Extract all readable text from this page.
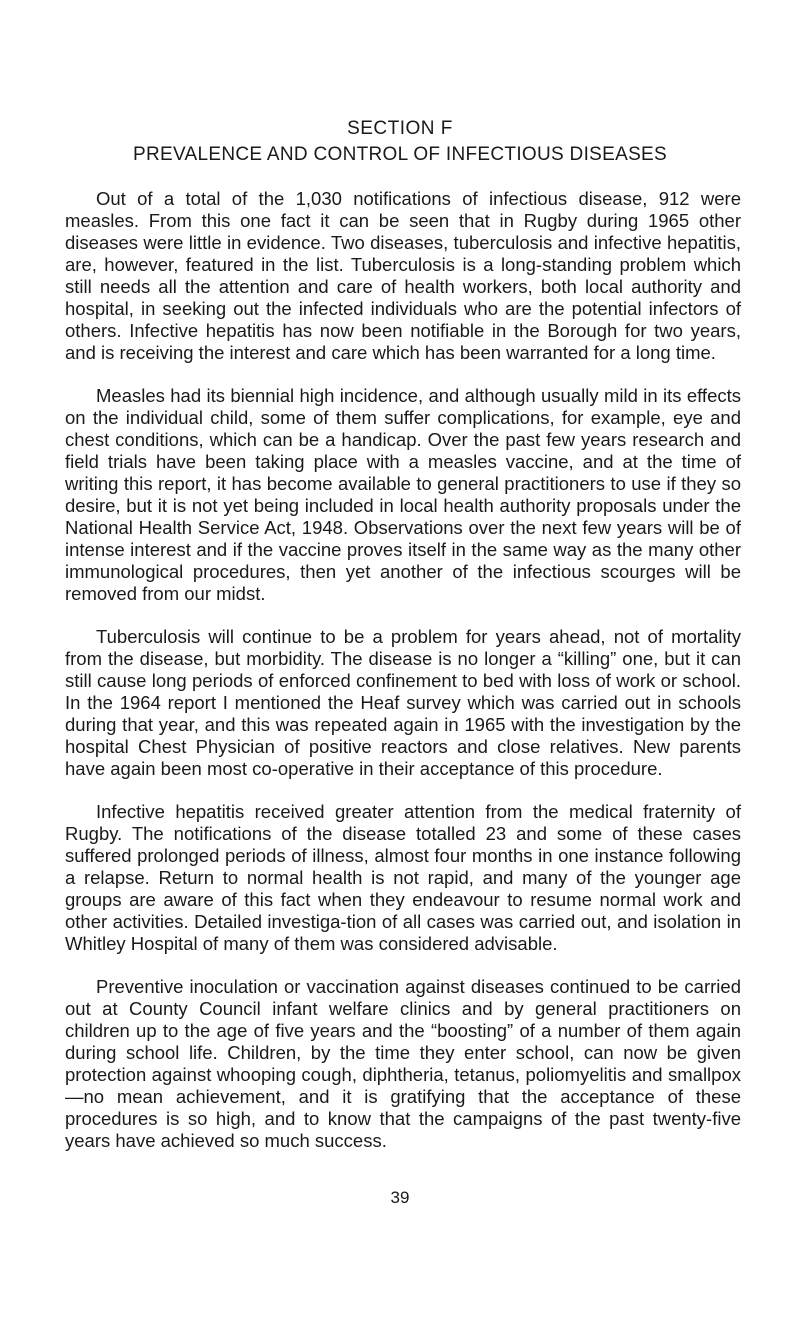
SECTION F
PREVALENCE AND CONTROL OF INFECTIOUS DISEASES

Out of a total of the 1,030 notifications of infectious disease, 912 were measles. From this one fact it can be seen that in Rugby during 1965 other diseases were little in evidence. Two diseases, tuberculosis and infective hepatitis, are, however, featured in the list. Tuberculosis is a long-standing problem which still needs all the attention and care of health workers, both local authority and hospital, in seeking out the infected individuals who are the potential infectors of others. Infective hepatitis has now been notifiable in the Borough for two years, and is receiving the interest and care which has been warranted for a long time.

Measles had its biennial high incidence, and although usually mild in its effects on the individual child, some of them suffer complications, for example, eye and chest conditions, which can be a handicap. Over the past few years research and field trials have been taking place with a measles vaccine, and at the time of writing this report, it has become available to general practitioners to use if they so desire, but it is not yet being included in local health authority proposals under the National Health Service Act, 1948. Observations over the next few years will be of intense interest and if the vaccine proves itself in the same way as the many other immunological procedures, then yet another of the infectious scourges will be removed from our midst.

Tuberculosis will continue to be a problem for years ahead, not of mortality from the disease, but morbidity. The disease is no longer a “killing” one, but it can still cause long periods of enforced confinement to bed with loss of work or school. In the 1964 report I mentioned the Heaf survey which was carried out in schools during that year, and this was repeated again in 1965 with the investigation by the hospital Chest Physician of positive reactors and close relatives. New parents have again been most co-operative in their acceptance of this procedure.

Infective hepatitis received greater attention from the medical fraternity of Rugby. The notifications of the disease totalled 23 and some of these cases suffered prolonged periods of illness, almost four months in one instance following a relapse. Return to normal health is not rapid, and many of the younger age groups are aware of this fact when they endeavour to resume normal work and other activities. Detailed investiga-tion of all cases was carried out, and isolation in Whitley Hospital of many of them was considered advisable.

Preventive inoculation or vaccination against diseases continued to be carried out at County Council infant welfare clinics and by general practitioners on children up to the age of five years and the “boosting” of a number of them again during school life. Children, by the time they enter school, can now be given protection against whooping cough, diphtheria, tetanus, poliomyelitis and smallpox—no mean achievement, and it is gratifying that the acceptance of these procedures is so high, and to know that the campaigns of the past twenty-five years have achieved so much success.

39
